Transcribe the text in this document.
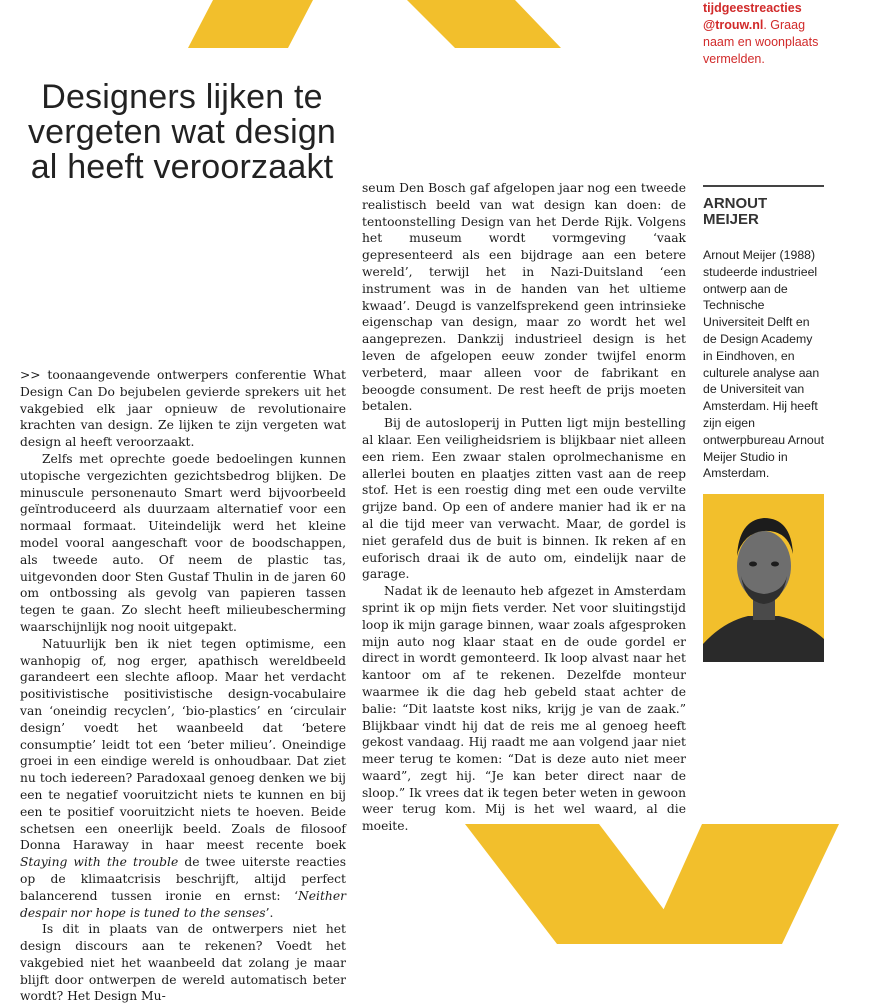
Designers lijken te vergeten wat design al heeft veroorzaakt
tijdgeestreacties
@trouw.nl. Graag naam en woonplaats vermelden.
ARNOUT MEIJER
Arnout Meijer (1988) studeerde industrieel ontwerp aan de Technische Universiteit Delft en de Design Academy in Eindhoven, en culturele analyse aan de Universiteit van Amsterdam. Hij heeft zijn eigen ontwerpbureau Arnout Meijer Studio in Amsterdam.

>> toonaangevende ontwerpers conferentie What Design Can Do bejubelen gevierde sprekers uit het vakgebied elk jaar opnieuw de revolutionaire krachten van design. Ze lijken te zijn vergeten wat design al heeft veroorzaakt.

Zelfs met oprechte goede bedoelingen kunnen utopische vergezichten gezichtsbedrog blijken. De minuscule personenauto Smart werd bijvoorbeeld geïntroduceerd als duurzaam alternatief voor een normaal formaat. Uiteindelijk werd het kleine model vooral aangeschaft voor de boodschappen, als tweede auto. Of neem de plastic tas, uitgevonden door Sten Gustaf Thulin in de jaren 60 om ontbossing als gevolg van papieren tassen tegen te gaan. Zo slecht heeft milieubescherming waarschijnlijk nog nooit uitgepakt.

Natuurlijk ben ik niet tegen optimisme, een wanhopig of, nog erger, apathisch wereldbeeld garandeert een slechte afloop. Maar het verdacht positivistische positivistische design-vocabulaire van ‘oneindig recyclen’, ‘bio-plastics’ en ‘circulair design’ voedt het waanbeeld dat ‘betere consumptie’ leidt tot een ‘beter milieu’. Oneindige groei in een eindige wereld is onhoudbaar. Dat ziet nu toch iedereen? Paradoxaal genoeg denken we bij een te negatief vooruitzicht niets te kunnen en bij een te positief vooruitzicht niets te hoeven. Beide schetsen een oneerlijk beeld. Zoals de filosoof Donna Haraway in haar meest recente boek Staying with the trouble de twee uiterste reacties op de klimaatcrisis beschrijft, altijd perfect balancerend tussen ironie en ernst: ‘Neither despair nor hope is tuned to the senses’.

Is dit in plaats van de ontwerpers niet het design discours aan te rekenen? Voedt het vakgebied niet het waanbeeld dat zolang je maar blijft door ontwerpen de wereld automatisch beter wordt? Het Design Mu-

seum Den Bosch gaf afgelopen jaar nog een tweede realistisch beeld van wat design kan doen: de tentoonstelling Design van het Derde Rijk. Volgens het museum wordt vormgeving ‘vaak gepresenteerd als een bijdrage aan een betere wereld’, terwijl het in Nazi-Duitsland ‘een instrument was in de handen van het ultieme kwaad’. Deugd is vanzelfsprekend geen intrinsieke eigenschap van design, maar zo wordt het wel aangeprezen. Dankzij industrieel design is het leven de afgelopen eeuw zonder twijfel enorm verbeterd, maar alleen voor de fabrikant en beoogde consument. De rest heeft de prijs moeten betalen.

Bij de autosloperij in Putten ligt mijn bestelling al klaar. Een veiligheidsriem is blijkbaar niet alleen een riem. Een zwaar stalen oprolmechanisme en allerlei bouten en plaatjes zitten vast aan de reep stof. Het is een roestig ding met een oude vervilte grijze band. Op een of andere manier had ik er na al die tijd meer van verwacht. Maar, de gordel is niet gerafeld dus de buit is binnen. Ik reken af en euforisch draai ik de auto om, eindelijk naar de garage.

Nadat ik de leenauto heb afgezet in Amsterdam sprint ik op mijn fiets verder. Net voor sluitingstijd loop ik mijn garage binnen, waar zoals afgesproken mijn auto nog klaar staat en de oude gordel er direct in wordt gemonteerd. Ik loop alvast naar het kantoor om af te rekenen. Dezelfde monteur waarmee ik die dag heb gebeld staat achter de balie: “Dit laatste kost niks, krijg je van de zaak.” Blijkbaar vindt hij dat de reis me al genoeg heeft gekost vandaag. Hij raadt me aan volgend jaar niet meer terug te komen: “Dat is deze auto niet meer waard”, zegt hij. “Je kan beter direct naar de sloop.” Ik vrees dat ik tegen beter weten in gewoon weer terug kom. Mij is het wel waard, al die moeite.
